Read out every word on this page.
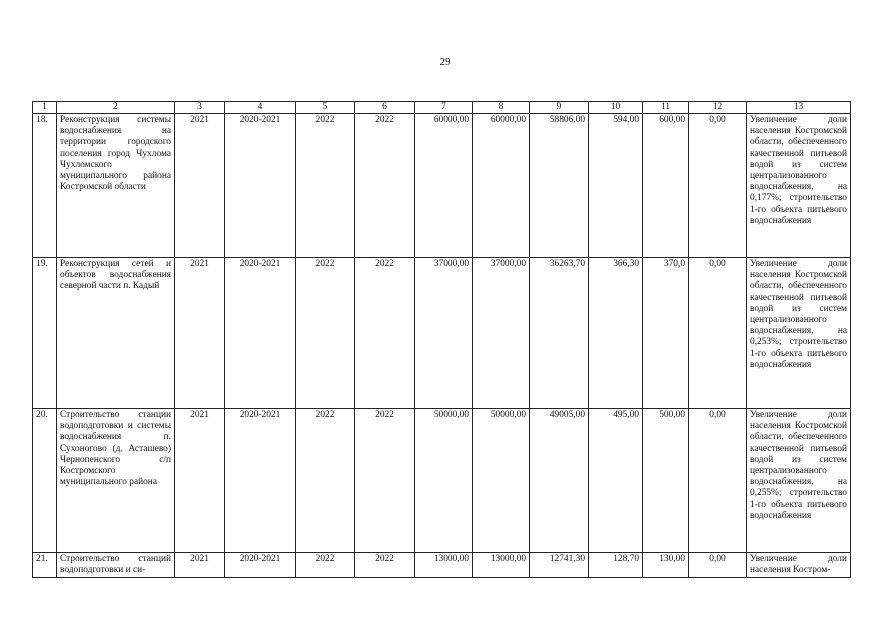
29
1	2	3	4	5	6	7	8	9	10	11	12	13
18.	Реконструкция системы водоснабжения на территории городского поселения город Чухлома Чухломского муниципального района Костромской области	2021	2020-2021	2022	2022	60000,00	60000,00	58806,00	594,00	600,00	0,00	Увеличение доли населения Костромской области, обеспеченного качественной питьевой водой из систем централизованного водоснабжения, на 0,177%; строительство 1-го объекта питьевого водоснабжения
19.	Реконструкция сетей и объектов водоснабжения северной части п. Кадый	2021	2020-2021	2022	2022	37000,00	37000,00	36263,70	366,30	370,0	0,00	Увеличение доли населения Костромской области, обеспеченного качественной питьевой водой из систем централизованного водоснабжения, на 0,253%; строительство 1-го объекта питьевого водоснабжения
20.	Строительство станции водоподготовки и системы водоснабжения п. Сухоногово (д. Асташево) Чернопенского с/п Костромского муниципального района	2021	2020-2021	2022	2022	50000,00	50000,00	49005,00	495,00	500,00	0,00	Увеличение доли населения Костромской области, обеспеченного качественной питьевой водой из систем централизованного водоснабжения, на 0,255%; строительство 1-го объекта питьевого водоснабжения
21.	Строительство станций водоподготовки и си-	2021	2020-2021	2022	2022	13000,00	13000,00	12741,30	128,70	130,00	0,00	Увеличение доли населения Костром-
